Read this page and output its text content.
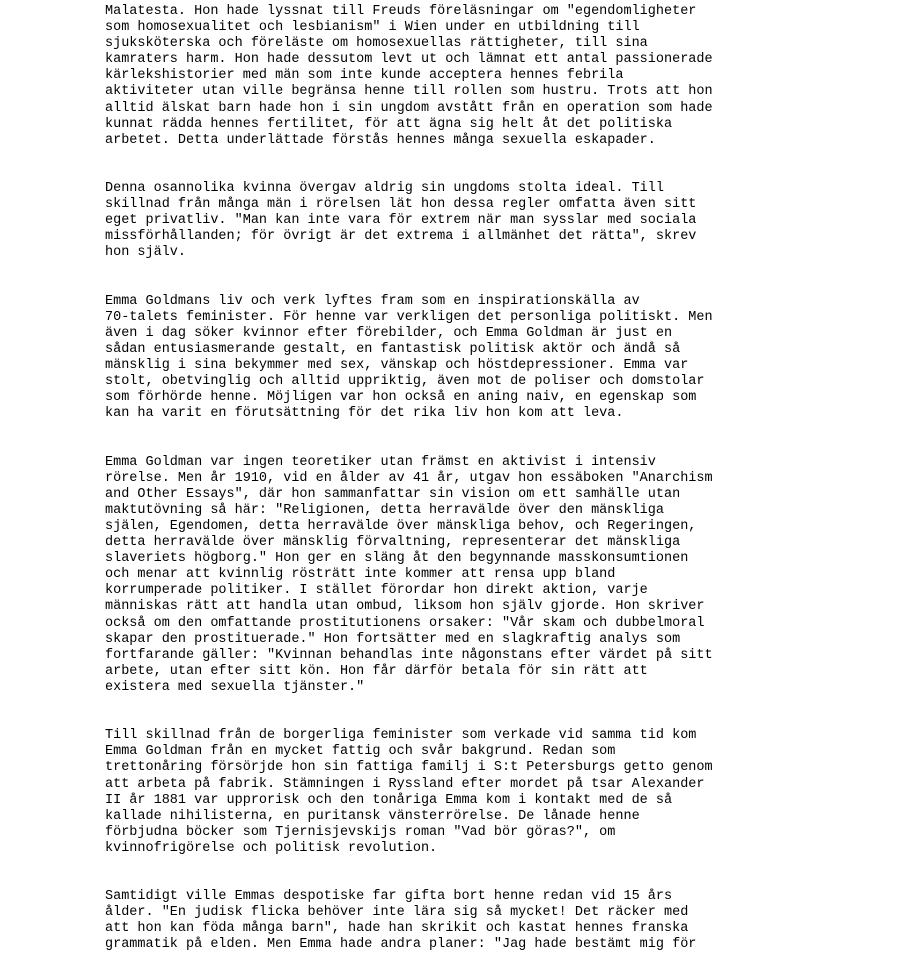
Malatesta. Hon hade lyssnat till Freuds föreläsningar om "egendomligheter
som homosexualitet och lesbianism" i Wien under en utbildning till
sjuksköterska och föreläste om homosexuellas rättigheter, till sina
kamraters harm. Hon hade dessutom levt ut och lämnat ett antal passionerade
kärlekshistorier med män som inte kunde acceptera hennes febrila
aktiviteter utan ville begränsa henne till rollen som hustru. Trots att hon
alltid älskat barn hade hon i sin ungdom avstått från en operation som hade
kunnat rädda hennes fertilitet, för att ägna sig helt åt det politiska
arbetet. Detta underlättade förstås hennes många sexuella eskapader.
Denna osannolika kvinna övergav aldrig sin ungdoms stolta ideal. Till
skillnad från många män i rörelsen lät hon dessa regler omfatta även sitt
eget privatliv. "Man kan inte vara för extrem när man sysslar med sociala
missförhållanden; för övrigt är det extrema i allmänhet det rätta", skrev
hon själv.
Emma Goldmans liv och verk lyftes fram som en inspirationskälla av
70-talets feminister. För henne var verkligen det personliga politiskt. Men
även i dag söker kvinnor efter förebilder, och Emma Goldman är just en
sådan entusiasmerande gestalt, en fantastisk politisk aktör och ändå så
mänsklig i sina bekymmer med sex, vänskap och höstdepressioner. Emma var
stolt, obetvinglig och alltid uppriktig, även mot de poliser och domstolar
som förhörde henne. Möjligen var hon också en aning naiv, en egenskap som
kan ha varit en förutsättning för det rika liv hon kom att leva.
Emma Goldman var ingen teoretiker utan främst en aktivist i intensiv
rörelse. Men år 1910, vid en ålder av 41 år, utgav hon essäboken "Anarchism
and Other Essays", där hon sammanfattar sin vision om ett samhälle utan
maktutövning så här: "Religionen, detta herravälde över den mänskliga
själen, Egendomen, detta herravälde över mänskliga behov, och Regeringen,
detta herravälde över mänsklig förvaltning, representerar det mänskliga
slaveriets högborg." Hon ger en släng åt den begynnande masskonsumtionen
och menar att kvinnlig rösträtt inte kommer att rensa upp bland
korrumperade politiker. I stället förordar hon direkt aktion, varje
människas rätt att handla utan ombud, liksom hon själv gjorde. Hon skriver
också om den omfattande prostitutionens orsaker: "Vår skam och dubbelmoral
skapar den prostituerade." Hon fortsätter med en slagkraftig analys som
fortfarande gäller: "Kvinnan behandlas inte någonstans efter värdet på sitt
arbete, utan efter sitt kön. Hon får därför betala för sin rätt att
existera med sexuella tjänster."
Till skillnad från de borgerliga feminister som verkade vid samma tid kom
Emma Goldman från en mycket fattig och svår bakgrund. Redan som
trettonåring försörjde hon sin fattiga familj i S:t Petersburgs getto genom
att arbeta på fabrik. Stämningen i Ryssland efter mordet på tsar Alexander
II år 1881 var upprorisk och den tonåriga Emma kom i kontakt med de så
kallade nihilisterna, en puritansk vänsterrörelse. De lånade henne
förbjudna böcker som Tjernisjevskijs roman "Vad bör göras?", om
kvinnofrigörelse och politisk revolution.
Samtidigt ville Emmas despotiske far gifta bort henne redan vid 15 års
ålder. "En judisk flicka behöver inte lära sig så mycket! Det räcker med
att hon kan föda många barn", hade han skrikit och kastat hennes franska
grammatik på elden. Men Emma hade andra planer: "Jag hade bestämt mig för
